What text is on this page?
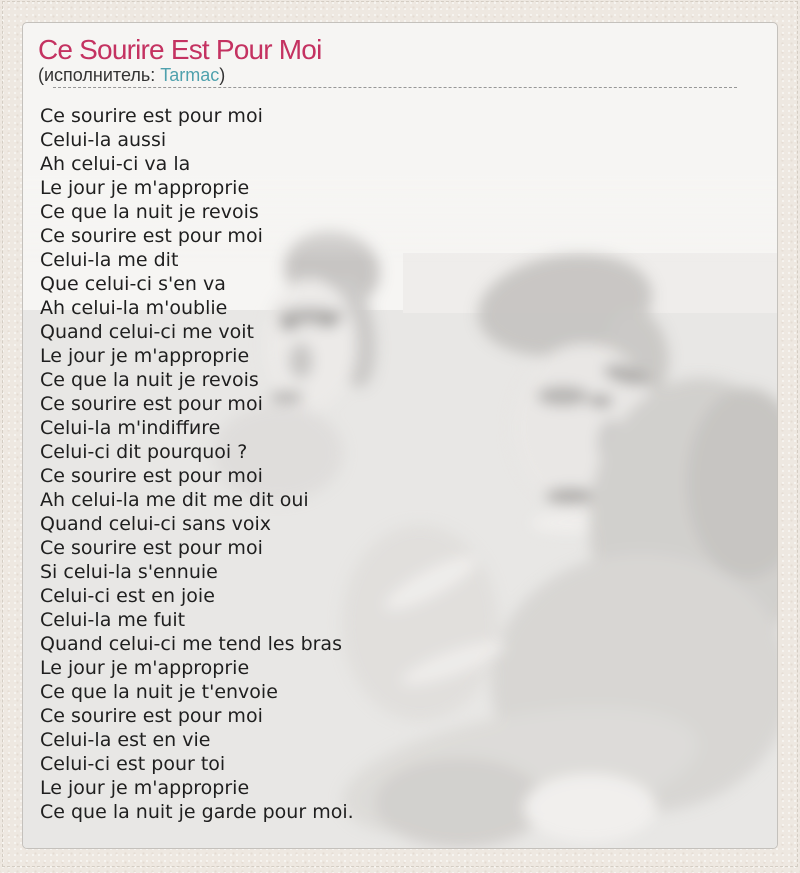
Ce Sourire Est Pour Moi
(исполнитель: Tarmac)
Ce sourire est pour moi
Celui-la aussi
Ah celui-ci va la
Le jour je m'approprie
Ce que la nuit je revois
Ce sourire est pour moi
Celui-la me dit
Que celui-ci s'en va
Ah celui-la m'oublie
Quand celui-ci me voit
Le jour je m'approprie
Ce que la nuit je revois
Ce sourire est pour moi
Celui-la m'indiffиre
Celui-ci dit pourquoi ?
Ce sourire est pour moi
Ah celui-la me dit me dit oui
Quand celui-ci sans voix
Ce sourire est pour moi
Si celui-la s'ennuie
Celui-ci est en joie
Celui-la me fuit
Quand celui-ci me tend les bras
Le jour je m'approprie
Ce que la nuit je t'envoie
Ce sourire est pour moi
Celui-la est en vie
Celui-ci est pour toi
Le jour je m'approprie
Ce que la nuit je garde pour moi.
